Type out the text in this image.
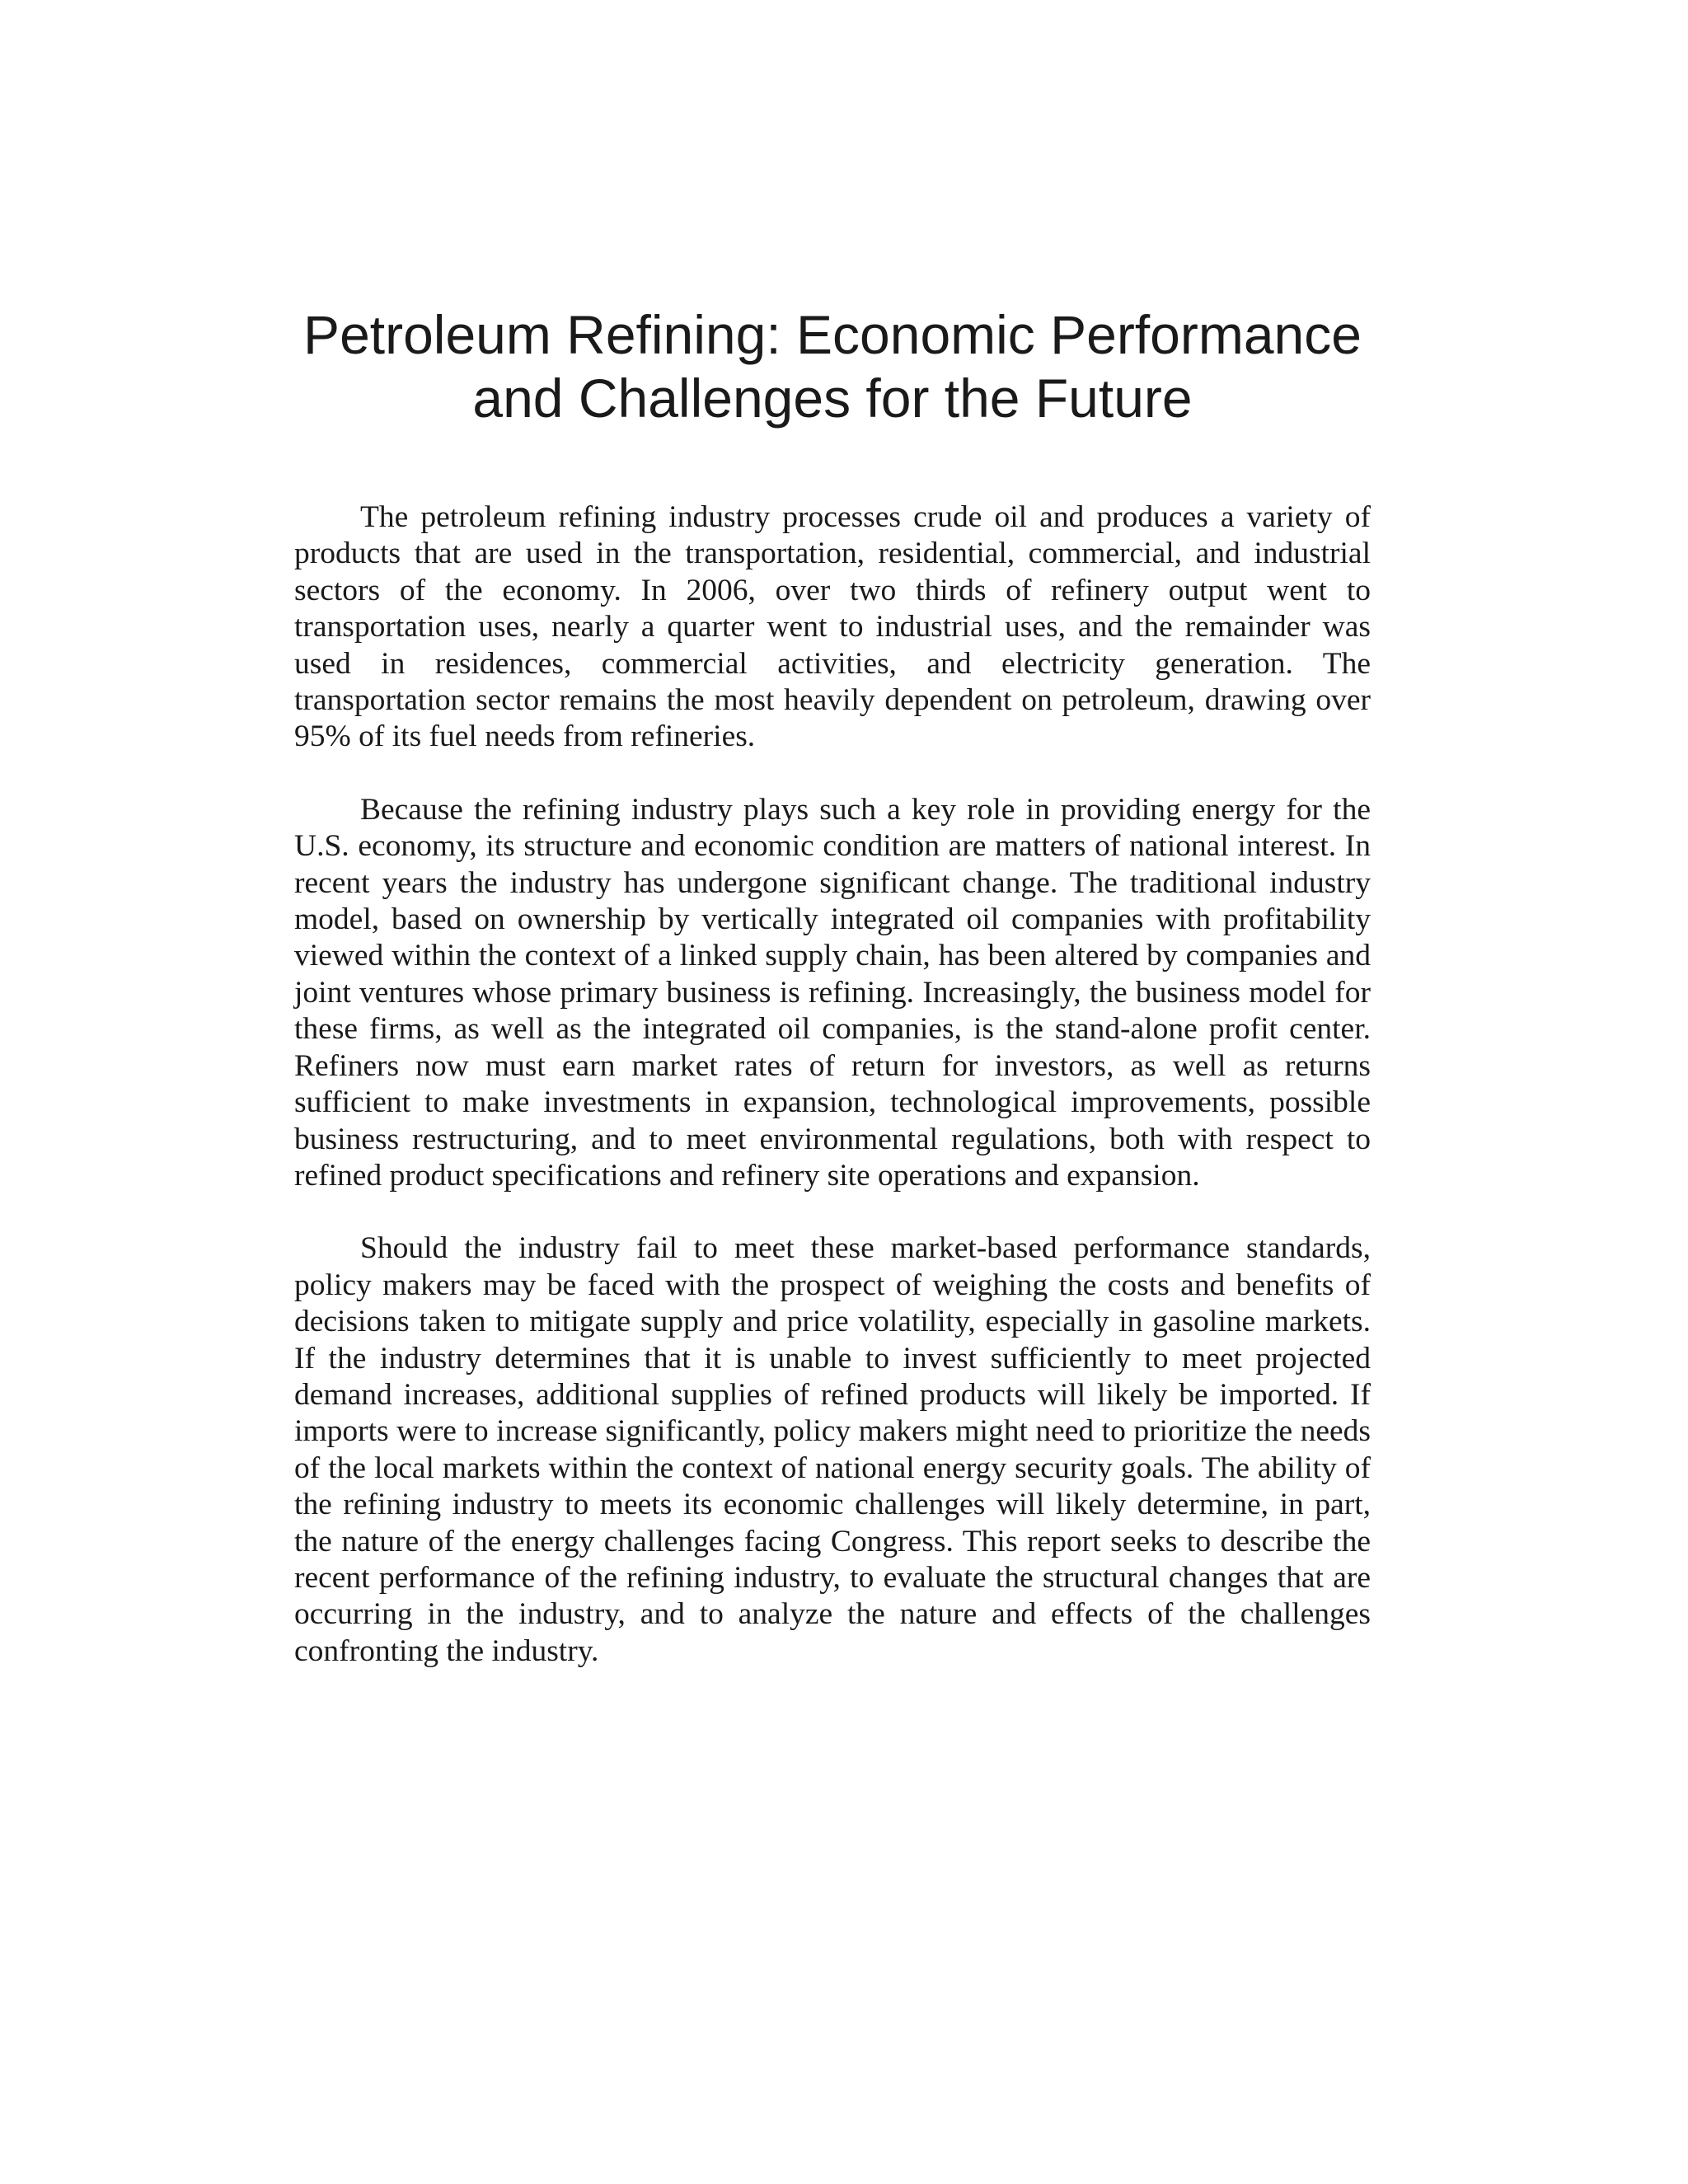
Petroleum Refining: Economic Performance
and Challenges for the Future

The petroleum refining industry processes crude oil and produces a variety of products that are used in the transportation, residential, commercial, and industrial sectors of the economy. In 2006, over two thirds of refinery output went to transportation uses, nearly a quarter went to industrial uses, and the remainder was used in residences, commercial activities, and electricity generation. The transportation sector remains the most heavily dependent on petroleum, drawing over 95% of its fuel needs from refineries.

Because the refining industry plays such a key role in providing energy for the U.S. economy, its structure and economic condition are matters of national interest. In recent years the industry has undergone significant change. The traditional industry model, based on ownership by vertically integrated oil companies with profitability viewed within the context of a linked supply chain, has been altered by companies and joint ventures whose primary business is refining. Increasingly, the business model for these firms, as well as the integrated oil companies, is the stand-alone profit center. Refiners now must earn market rates of return for investors, as well as returns sufficient to make investments in expansion, technological improvements, possible business restructuring, and to meet environmental regulations, both with respect to refined product specifications and refinery site operations and expansion.

Should the industry fail to meet these market-based performance standards, policy makers may be faced with the prospect of weighing the costs and benefits of decisions taken to mitigate supply and price volatility, especially in gasoline markets. If the industry determines that it is unable to invest sufficiently to meet projected demand increases, additional supplies of refined products will likely be imported. If imports were to increase significantly, policy makers might need to prioritize the needs of the local markets within the context of national energy security goals. The ability of the refining industry to meets its economic challenges will likely determine, in part, the nature of the energy challenges facing Congress. This report seeks to describe the recent performance of the refining industry, to evaluate the structural changes that are occurring in the industry, and to analyze the nature and effects of the challenges confronting the industry.
